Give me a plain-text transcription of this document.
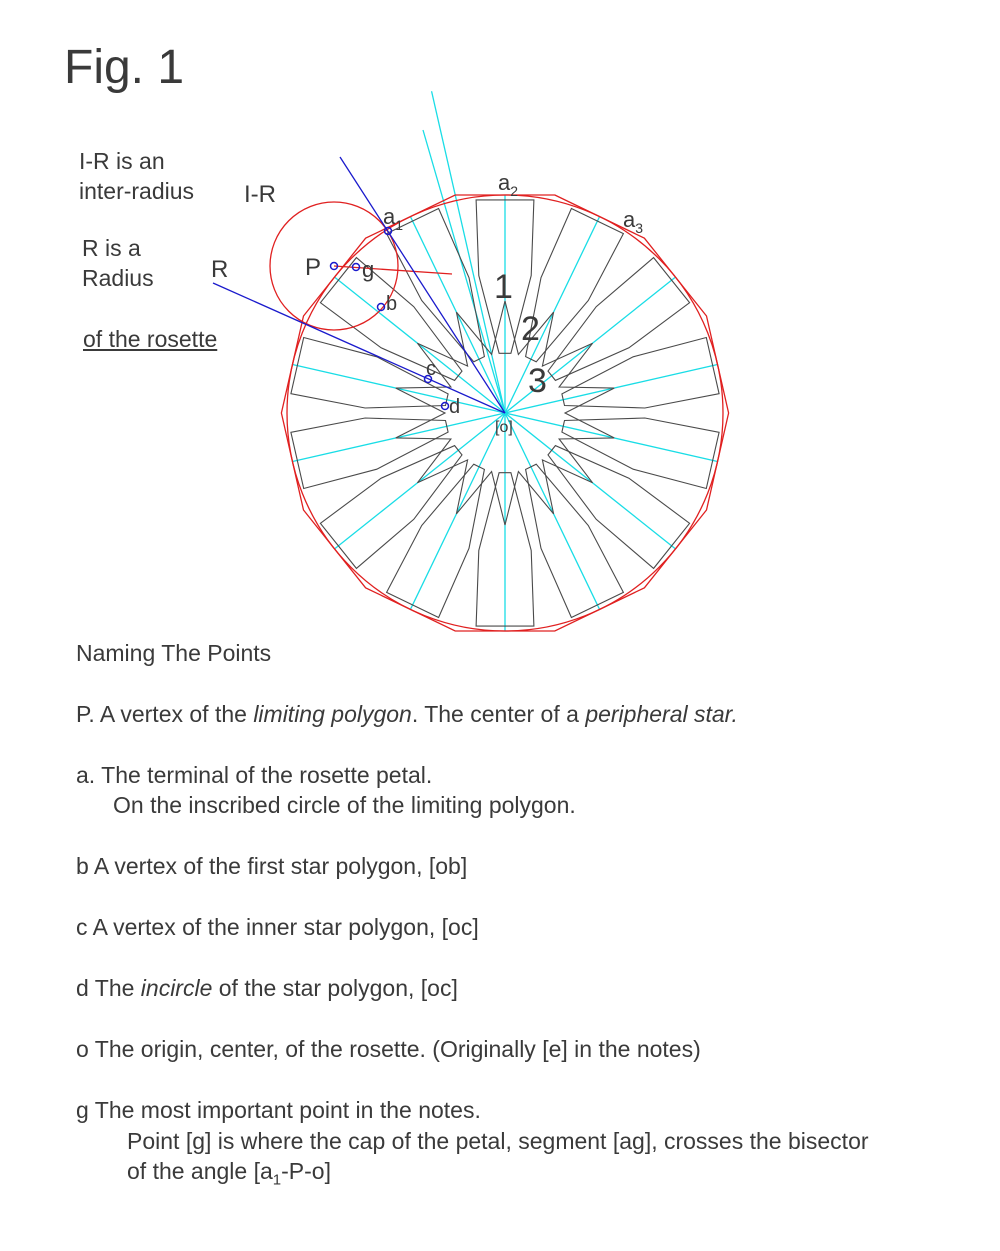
Fig. 1
I-R is an
inter-radius
R is a
Radius
of the rosette
I-R
R	P g
$a_1$
$a_2$
$a_3$
b
c
d
[o]
1
2
3
Naming The Points
P. A vertex of the limiting polygon. The center of a peripheral star.
a. The terminal of the rosette petal.
On the inscribed circle of the limiting polygon.
b A vertex of the first star polygon, [ob]
c A vertex of the inner star polygon, [oc]
d The incircle of the star polygon, [oc]
o The origin, center, of the rosette. (Originally [e] in the notes)
g The most important point in the notes.
Point [g] is where the cap of the petal, segment [ag], crosses the bisector
of the angle $[a_1-P-o]$
